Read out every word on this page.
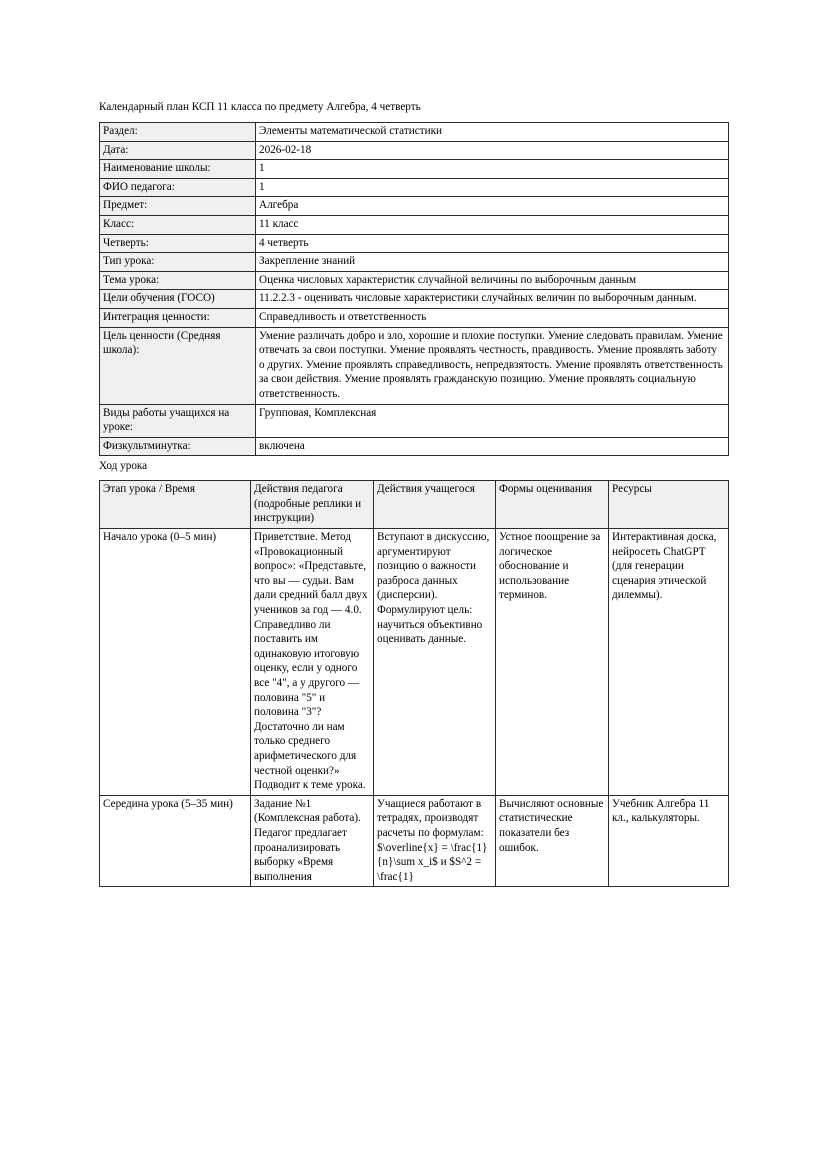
Календарный план КСП 11 класса по предмету Алгебра, 4 четверть
Раздел:	Элементы математической статистики
Дата:	2026-02-18
Наименование школы:	1
ФИО педагога:	1
Предмет:	Алгебра
Класс:	11 класс
Четверть:	4 четверть
Тип урока:	Закрепление знаний
Тема урока:	Оценка числовых характеристик случайной величины по выборочным данным
Цели обучения (ГОСО)	11.2.2.3 - оценивать числовые характеристики случайных величин по выборочным данным.
Интеграция ценности:	Справедливость и ответственность
Цель ценности (Средняя школа):	Умение различать добро и зло, хорошие и плохие поступки. Умение следовать правилам. Умение отвечать за свои поступки. Умение проявлять честность, правдивость. Умение проявлять заботу о других. Умение проявлять справедливость, непредвзятость. Умение проявлять ответственность за свои действия. Умение проявлять гражданскую позицию. Умение проявлять социальную ответственность.
Виды работы учащихся на уроке:	Групповая, Комплексная
Физкультминутка:	включена
Ход урока
Этап урока / Время	Действия педагога (подробные реплики и инструкции)	Действия учащегося	Формы оценивания	Ресурсы
Начало урока (0–5 мин)	Приветствие. Метод «Провокационный вопрос»: «Представьте, что вы — судьи. Вам дали средний балл двух учеников за год — 4.0. Справедливо ли поставить им одинаковую итоговую оценку, если у одного все "4", а у другого — половина "5" и половина "3"? Достаточно ли нам только среднего арифметического для честной оценки?» Подводит к теме урока.	Вступают в дискуссию, аргументируют позицию о важности разброса данных (дисперсии). Формулируют цель: научиться объективно оценивать данные.	Устное поощрение за логическое обоснование и использование терминов.	Интерактивная доска, нейросеть ChatGPT (для генерации сценария этической дилеммы).
Середина урока (5–35 мин)	Задание №1 (Комплексная работа). Педагог предлагает проанализировать выборку «Время выполнения	Учащиеся работают в тетрадях, производят расчеты по формулам: $\overline{x} = \frac{1}{n}\sum x_i$ и $S^2 = \frac{1}	Вычисляют основные статистические показатели без ошибок.	Учебник Алгебра 11 кл., калькуляторы.
